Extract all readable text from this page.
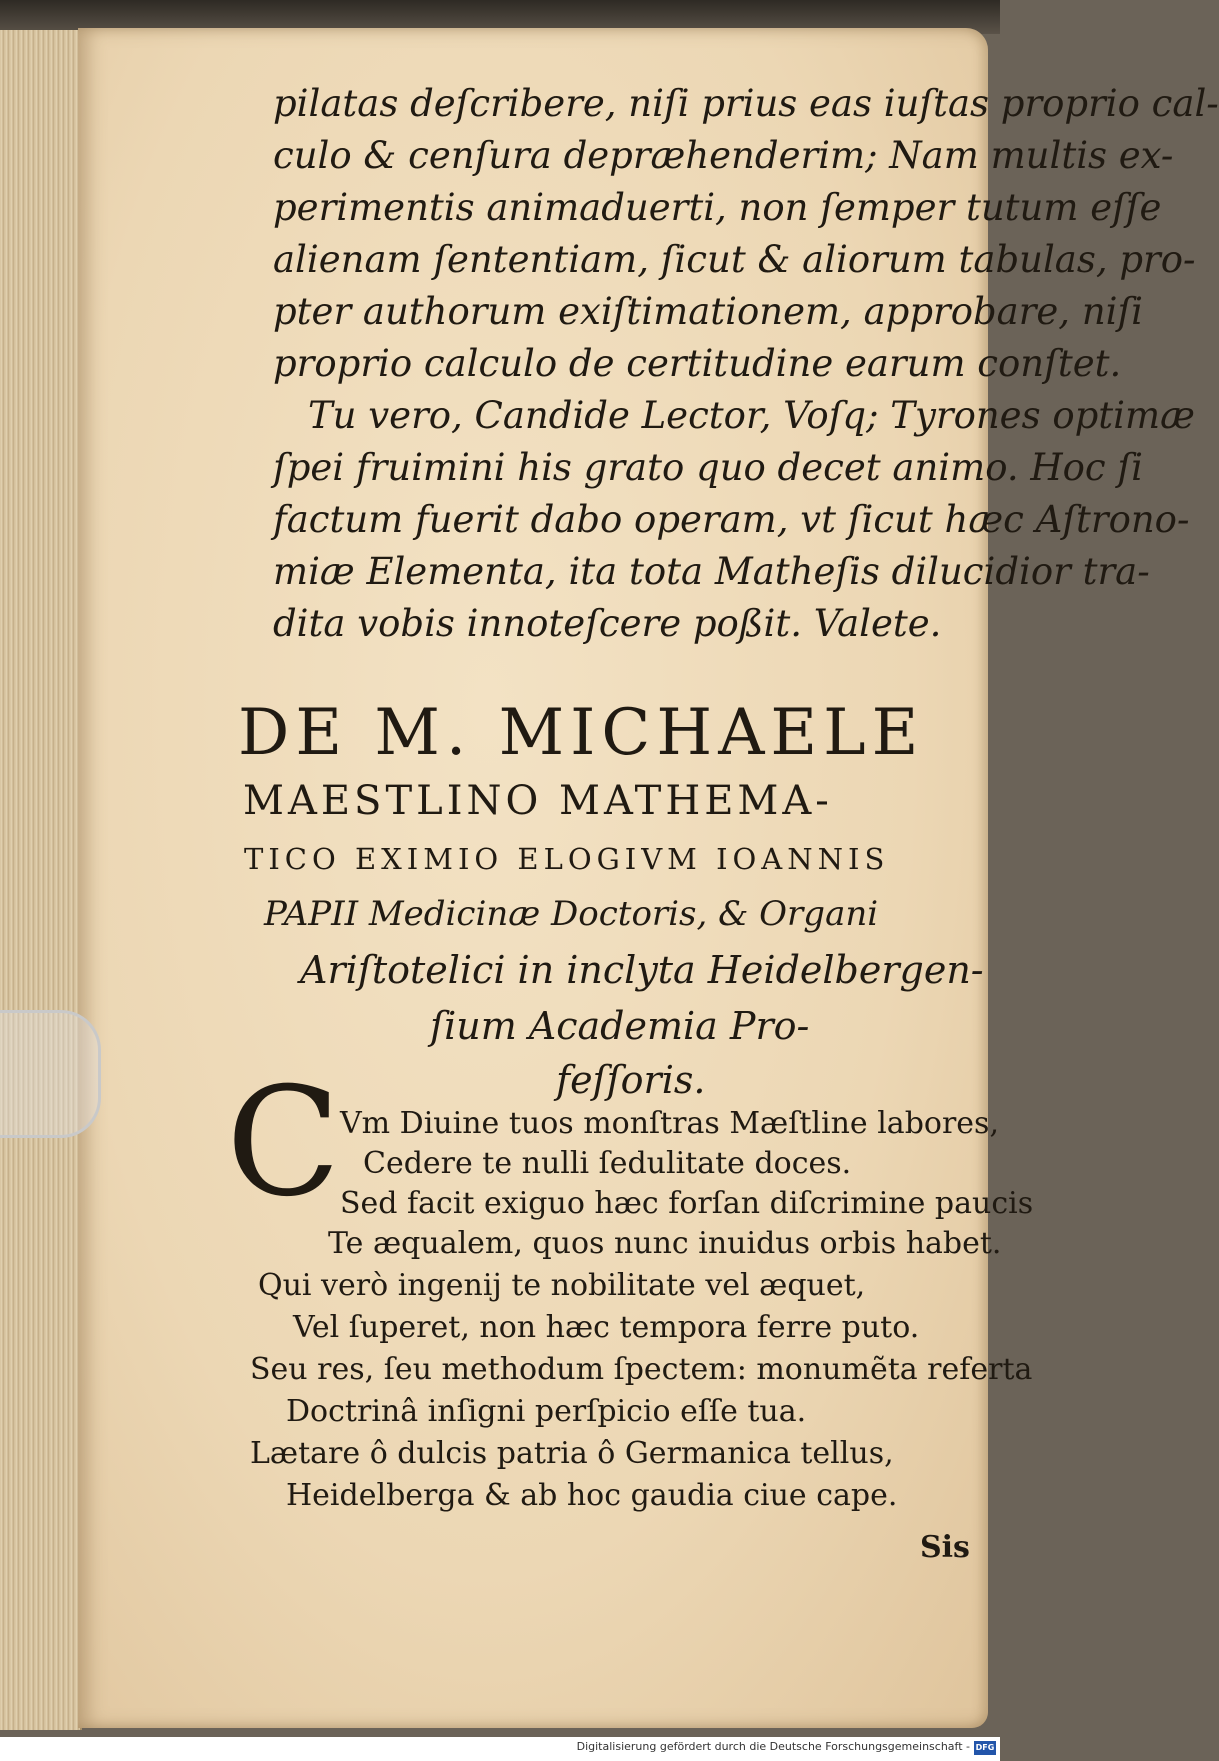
pilatas deſcribere, niſi prius eas iuſtas proprio cal-
culo & cenſura depræhenderim; Nam multis ex-
perimentis animaduerti, non ſemper tutum eſſe
alienam ſententiam, ſicut & aliorum tabulas, pro-
pter authorum exiſtimationem, approbare, niſi
proprio calculo de certitudine earum conſtet.
Tu vero, Candide Lector, Voſq; Tyrones optimæ
ſpei fruimini his grato quo decet animo. Hoc ſi
factum fuerit dabo operam, vt ſicut hæc Aſtrono-
miæ Elementa, ita tota Matheſis dilucidior tra-
dita vobis innoteſcere poßit. Valete.
DE M. MICHAELE
MAESTLINO MATHEMA-
TICO EXIMIO ELOGIVM IOANNIS
PAPII Medicinæ Doctoris, & Organi
Ariſtotelici in inclyta Heidelbergen-
ſium Academia Pro-
feſſoris.
C Vm Diuine tuos monſtras Mæſtline labores,
Cedere te nulli ſedulitate doces.
Sed facit exiguo hæc forſan diſcrimine paucis
Te æqualem, quos nunc inuidus orbis habet.
Qui verò ingenij te nobilitate vel æquet,
Vel ſuperet, non hæc tempora ferre puto.
Seu res, ſeu methodum ſpectem: monumẽta referta
Doctrinâ inſigni perſpicio eſſe tua.
Lætare ô dulcis patria ô Germanica tellus,
Heidelberga & ab hoc gaudia ciue cape.
Sis
Digitalisierung gefördert durch die Deutsche Forschungsgemeinschaft - DFG
